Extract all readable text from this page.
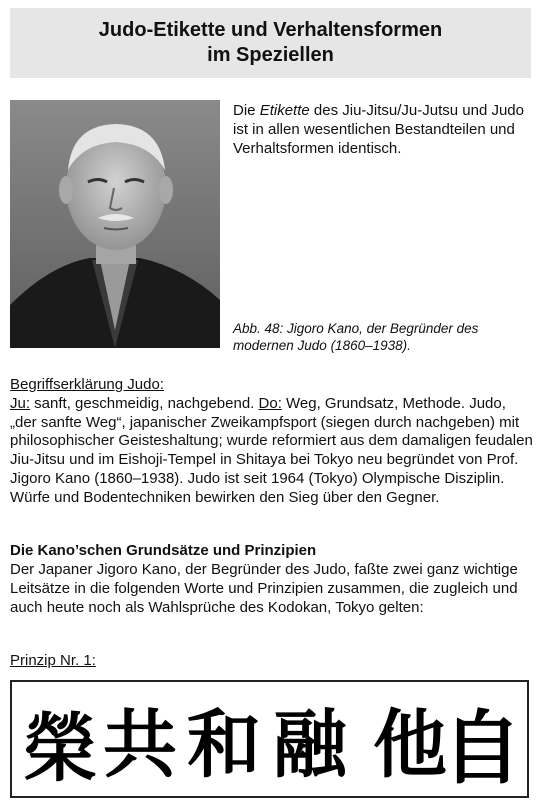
Judo-Etikette und Verhaltensformen
im Speziellen
Die Etikette des Jiu-Jitsu/Ju-Jutsu und Judo ist in allen wesentlichen Bestandteilen und Verhaltsformen identisch.
Abb. 48: Jigoro Kano, der Begründer des modernen Judo (1860–1938).
Begriffserklärung Judo:
Ju: sanft, geschmeidig, nachgebend. Do: Weg, Grundsatz, Methode. Judo, „der sanfte Weg“, japanischer Zweikampfsport (siegen durch nachgeben) mit philosophischer Geisteshaltung; wurde reformiert aus dem damaligen feudalen Jiu-Jitsu und im Eishoji-Tempel in Shitaya bei Tokyo neu begründet von Prof. Jigoro Kano (1860–1938). Judo ist seit 1964 (Tokyo) Olympische Disziplin. Würfe und Bodentechniken bewirken den Sieg über den Gegner.
Die Kano’schen Grundsätze und Prinzipien
Der Japaner Jigoro Kano, der Begründer des Judo, faßte zwei ganz wichtige Leitsätze in die folgenden Worte und Prinzipien zusammen, die zugleich und auch heute noch als Wahlsprüche des Kodokan, Tokyo gelten:
Prinzip Nr. 1:
榮 共 和 融 他
自
